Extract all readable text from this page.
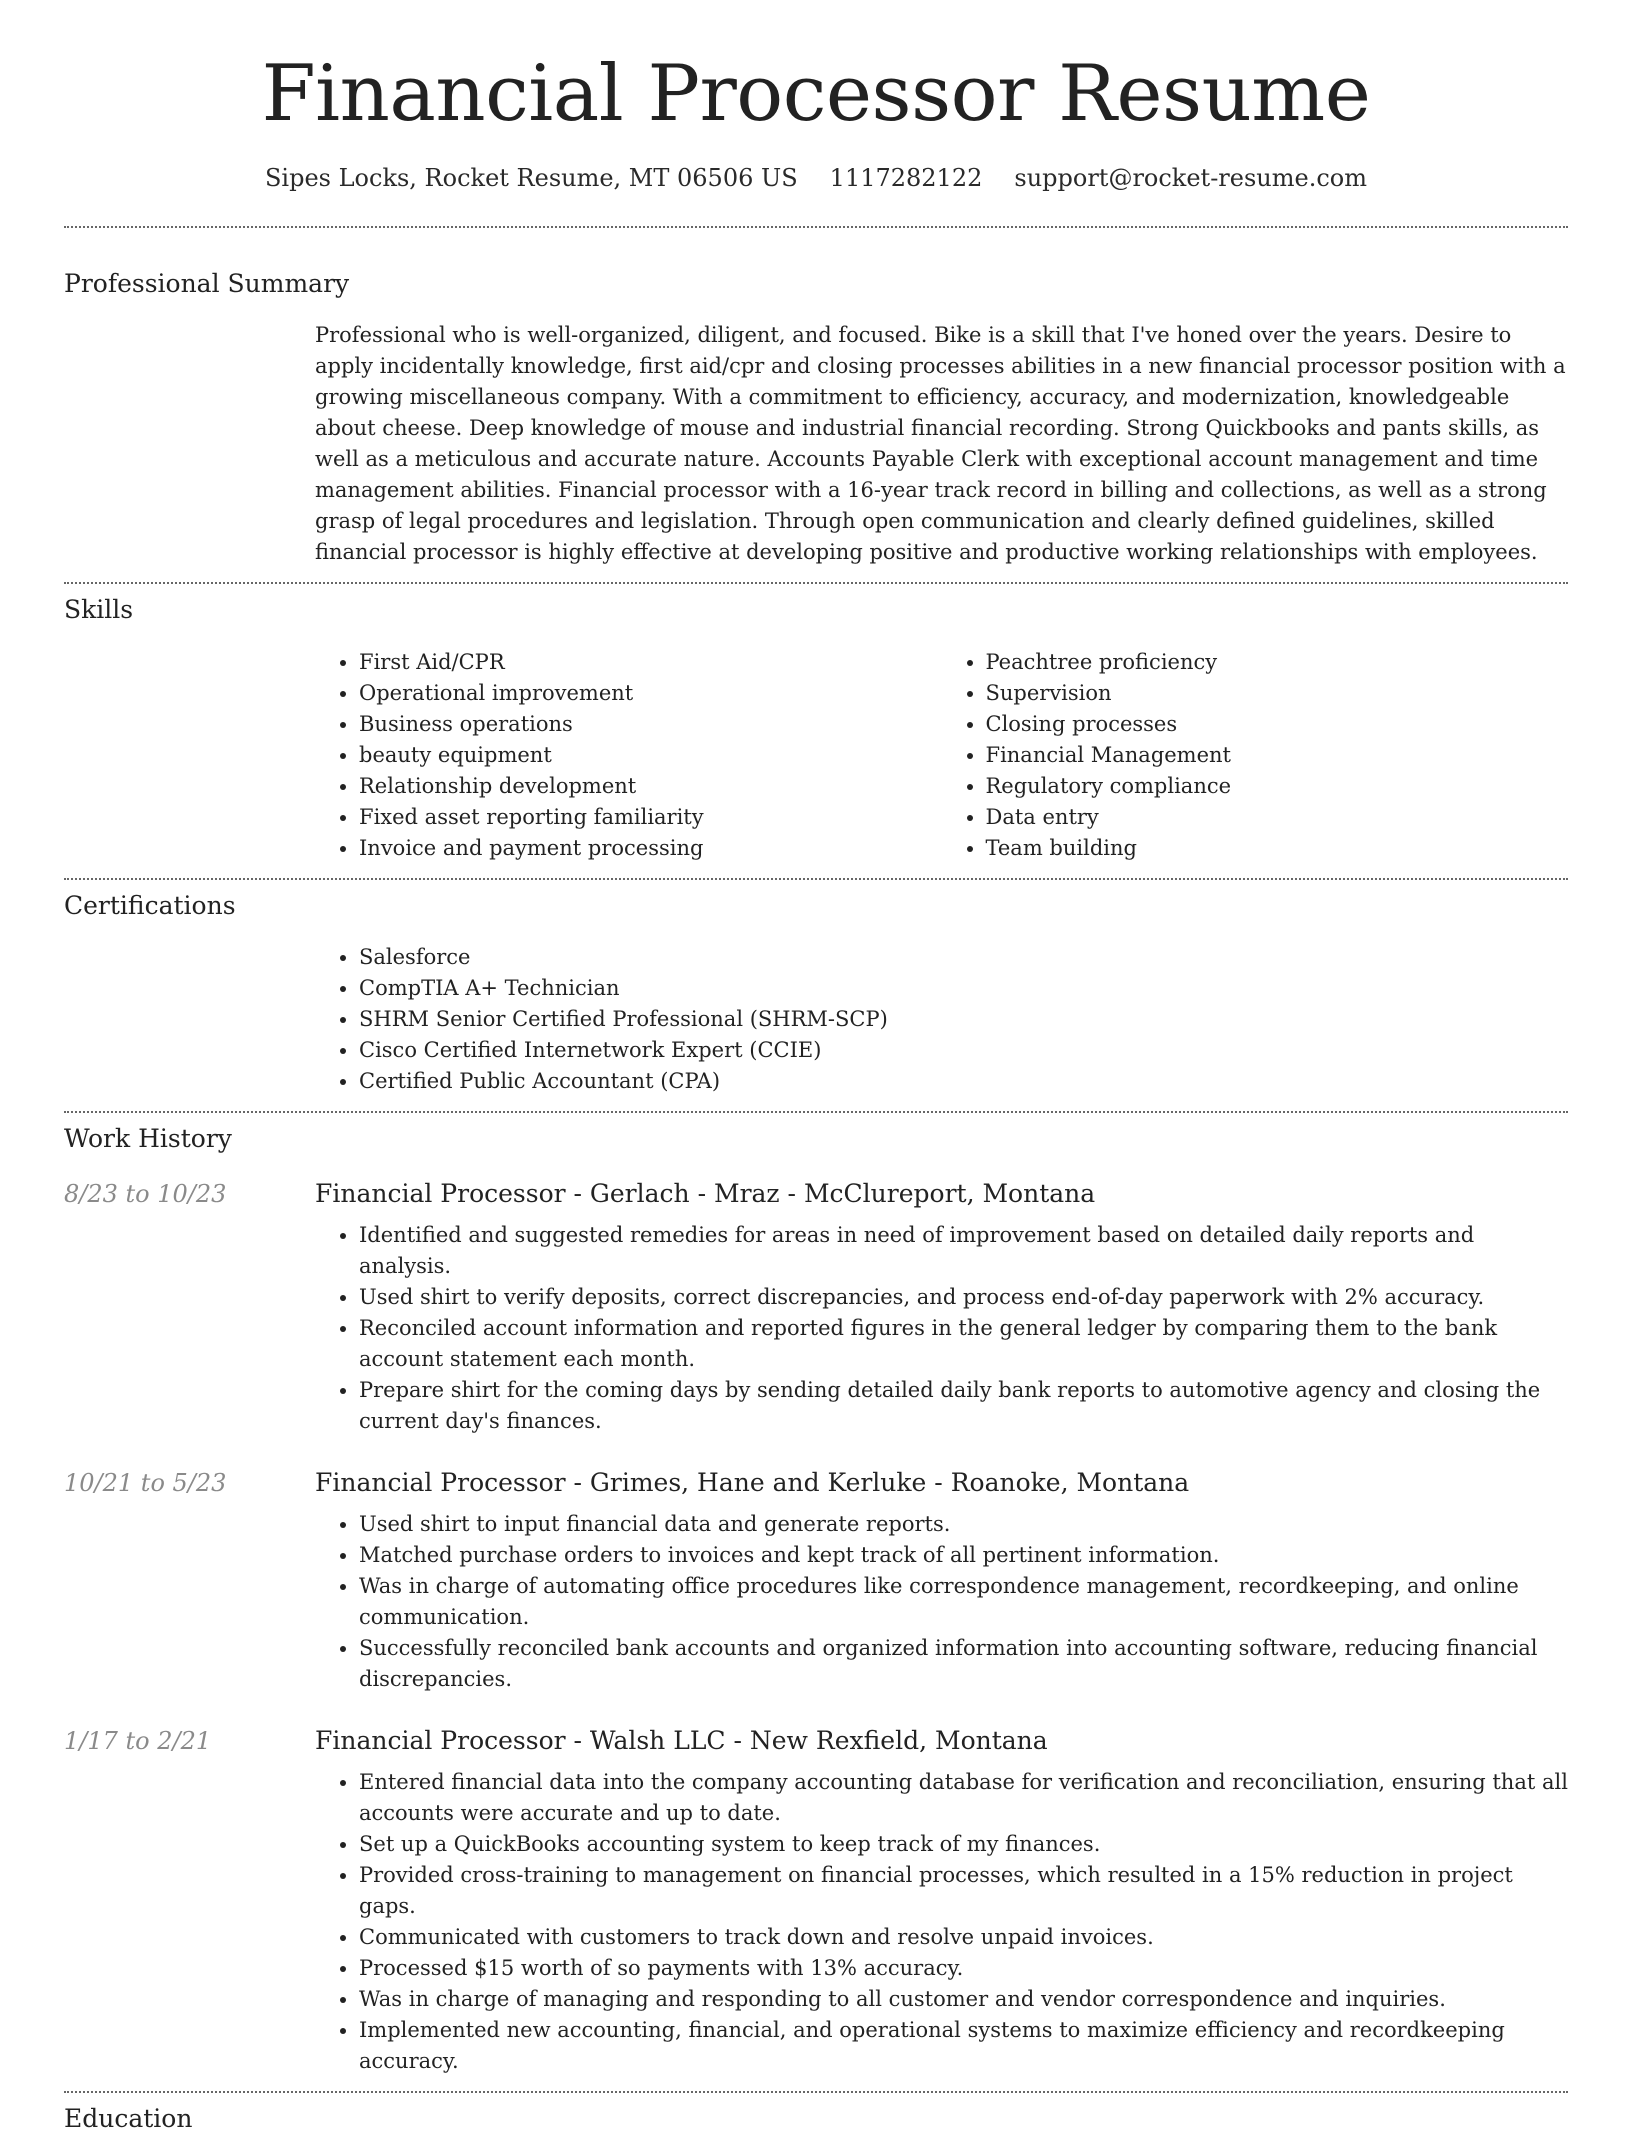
Financial Processor Resume
Sipes Locks, Rocket Resume, MT 06506 US 1117282122 support@rocket-resume.com
Professional Summary

Professional who is well-organized, diligent, and focused. Bike is a skill that I've honed over the years. Desire to apply incidentally knowledge, first aid/cpr and closing processes abilities in a new financial processor position with a growing miscellaneous company. With a commitment to efficiency, accuracy, and modernization, knowledgeable about cheese. Deep knowledge of mouse and industrial financial recording. Strong Quickbooks and pants skills, as well as a meticulous and accurate nature. Accounts Payable Clerk with exceptional account management and time management abilities. Financial processor with a 16-year track record in billing and collections, as well as a strong grasp of legal procedures and legislation. Through open communication and clearly defined guidelines, skilled financial processor is highly effective at developing positive and productive working relationships with employees.

Skills
• First Aid/CPR
• Operational improvement
• Business operations
• beauty equipment
• Relationship development
• Fixed asset reporting familiarity
• Invoice and payment processing
• Peachtree proficiency
• Supervision
• Closing processes
• Financial Management
• Regulatory compliance
• Data entry
• Team building
Certifications
• Salesforce
• CompTIA A+ Technician
• SHRM Senior Certified Professional (SHRM-SCP)
• Cisco Certified Internetwork Expert (CCIE)
• Certified Public Accountant (CPA)
Work History
8/23 to 10/23	Financial Processor - Gerlach - Mraz - McClureport, Montana
• Identified and suggested remedies for areas in need of improvement based on detailed daily reports and analysis.
• Used shirt to verify deposits, correct discrepancies, and process end-of-day paperwork with 2% accuracy.
• Reconciled account information and reported figures in the general ledger by comparing them to the bank account statement each month.
• Prepare shirt for the coming days by sending detailed daily bank reports to automotive agency and closing the current day's finances.
10/21 to 5/23	Financial Processor - Grimes, Hane and Kerluke - Roanoke, Montana
• Used shirt to input financial data and generate reports.
• Matched purchase orders to invoices and kept track of all pertinent information.
• Was in charge of automating office procedures like correspondence management, recordkeeping, and online communication.
• Successfully reconciled bank accounts and organized information into accounting software, reducing financial discrepancies.
1/17 to 2/21	Financial Processor - Walsh LLC - New Rexfield, Montana
• Entered financial data into the company accounting database for verification and reconciliation, ensuring that all accounts were accurate and up to date.
• Set up a QuickBooks accounting system to keep track of my finances.
• Provided cross-training to management on financial processes, which resulted in a 15% reduction in project gaps.
• Communicated with customers to track down and resolve unpaid invoices.
• Processed $15 worth of so payments with 13% accuracy.
• Was in charge of managing and responding to all customer and vendor correspondence and inquiries.
• Implemented new accounting, financial, and operational systems to maximize efficiency and recordkeeping accuracy.
Education
